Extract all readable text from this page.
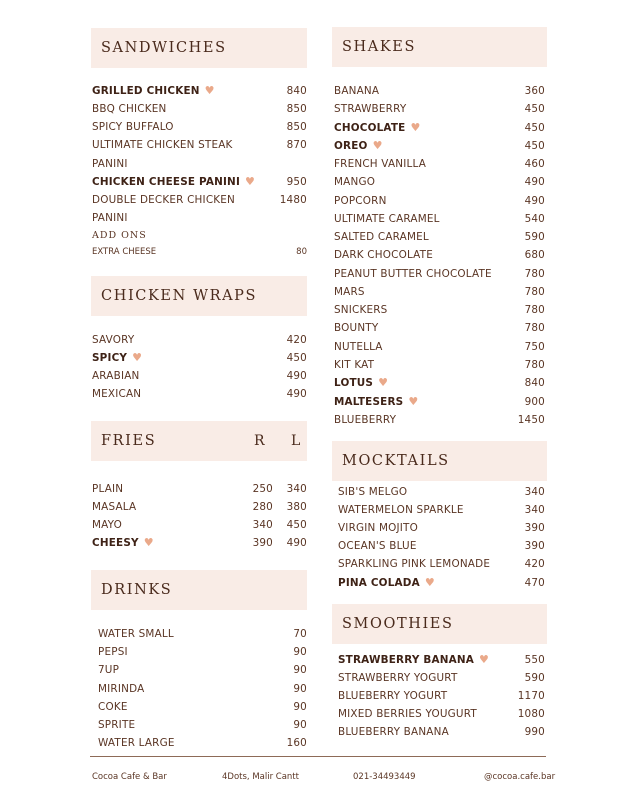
SANDWICHES
GRILLED CHICKEN ♥	840
BBQ CHICKEN	850
SPICY BUFFALO	850
ULTIMATE CHICKEN STEAK	870
PANINI
CHICKEN CHEESE PANINI ♥	950
DOUBLE DECKER CHICKEN	1480
PANINI
ADD ONS
EXTRA CHEESE	80
CHICKEN WRAPS
SAVORY	420
SPICY ♥	450
ARABIAN	490
MEXICAN	490
FRIES	R L
PLAIN	250 340
MASALA	280 380
MAYO	340 450
CHEESY ♥	390 490
DRINKS
WATER SMALL	70
PEPSI	90
7UP	90
MIRINDA	90
COKE	90
SPRITE	90
WATER LARGE	160
SHAKES
BANANA	360
STRAWBERRY	450
CHOCOLATE ♥	450
OREO ♥	450
FRENCH VANILLA	460
MANGO	490
POPCORN	490
ULTIMATE CARAMEL	540
SALTED CARAMEL	590
DARK CHOCOLATE	680
PEANUT BUTTER CHOCOLATE	780
MARS	780
SNICKERS	780
BOUNTY	780
NUTELLA	750
KIT KAT	780
LOTUS ♥	840
MALTESERS ♥	900
BLUEBERRY	1450
MOCKTAILS
SIB'S MELGO	340
WATERMELON SPARKLE	340
VIRGIN MOJITO	390
OCEAN'S BLUE	390
SPARKLING PINK LEMONADE	420
PINA COLADA ♥	470
SMOOTHIES
STRAWBERRY BANANA ♥	550
STRAWBERRY YOGURT	590
BLUEBERRY YOGURT	1170
MIXED BERRIES YOUGURT	1080
BLUEBERRY BANANA	990
Cocoa Cafe & Bar	4Dots, Malir Cantt	021-34493449	@cocoa.cafe.bar
